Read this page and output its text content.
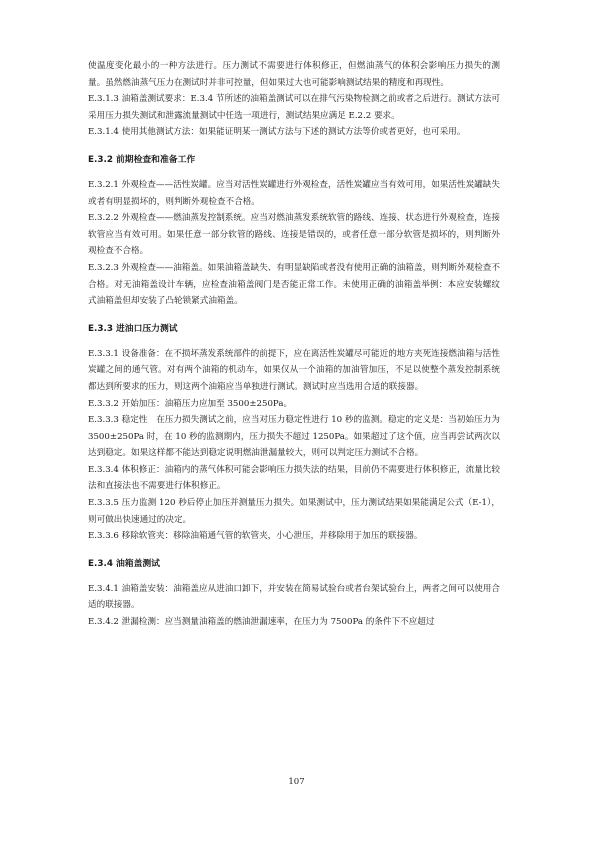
使温度变化最小的一种方法进行。压力测试不需要进行体积修正，但燃油蒸气的体积会影响压力损失的测量。虽然燃油蒸气压力在测试时并非可控量，但如果过大也可能影响测试结果的精度和再现性。

E.3.1.3 油箱盖测试要求：E.3.4 节所述的油箱盖测试可以在排气污染物检测之前或者之后进行。测试方法可采用压力损失测试和泄露流量测试中任选一项进行，测试结果应满足 E.2.2 要求。

E.3.1.4 使用其他测试方法：如果能证明某一测试方法与下述的测试方法等价或者更好，也可采用。

E.3.2 前期检查和准备工作

E.3.2.1 外观检查——活性炭罐。应当对活性炭罐进行外观检查，活性炭罐应当有效可用，如果活性炭罐缺失或者有明显损坏的，则判断外观检查不合格。

E.3.2.2 外观检查——燃油蒸发控制系统。应当对燃油蒸发系统软管的路线、连接、状态进行外观检查，连接软管应当有效可用。如果任意一部分软管的路线、连接是错误的，或者任意一部分软管是损坏的，则判断外观检查不合格。

E.3.2.3 外观检查——油箱盖。如果油箱盖缺失、有明显缺陷或者没有使用正确的油箱盖，则判断外观检查不合格。对无油箱盖设计车辆，应检查油箱盖阀门是否能正常工作。未使用正确的油箱盖举例：本应安装螺纹式油箱盖但却安装了凸轮锁紧式油箱盖。

E.3.3 进油口压力测试

E.3.3.1 设备准备：在不损坏蒸发系统部件的前提下，应在离活性炭罐尽可能近的地方夹死连接燃油箱与活性炭罐之间的通气管。对有两个油箱的机动车，如果仅从一个油箱的加油管加压，不足以使整个蒸发控制系统都达到所要求的压力，则这两个油箱应当单独进行测试。测试时应当选用合适的联接器。

E.3.3.2 开始加压：油箱压力应加至 3500±250Pa。

E.3.3.3 稳定性　在压力损失测试之前，应当对压力稳定性进行 10 秒的监测。稳定的定义是：当初始压力为 3500±250Pa 时，在 10 秒的监测期内，压力损失不超过 1250Pa。如果超过了这个值，应当再尝试两次以达到稳定。如果这样都不能达到稳定说明燃油泄漏量较大，则可以判定压力测试不合格。

E.3.3.4 体积修正：油箱内的蒸气体积可能会影响压力损失法的结果，目前仍不需要进行体积修正，流量比较法和直接法也不需要进行体积修正。

E.3.3.5 压力监测 120 秒后停止加压并测量压力损失。如果测试中，压力测试结果如果能满足公式（E-1），则可做出快速通过的决定。

E.3.3.6 移除软管夹：移除油箱通气管的软管夹，小心泄压，并移除用于加压的联接器。

E.3.4 油箱盖测试

E.3.4.1 油箱盖安装：油箱盖应从进油口卸下，并安装在简易试验台或者台架试验台上，两者之间可以使用合适的联接器。

E.3.4.2 泄漏检测：应当测量油箱盖的燃油泄漏速率，在压力为 7500Pa 的条件下不应超过

107
